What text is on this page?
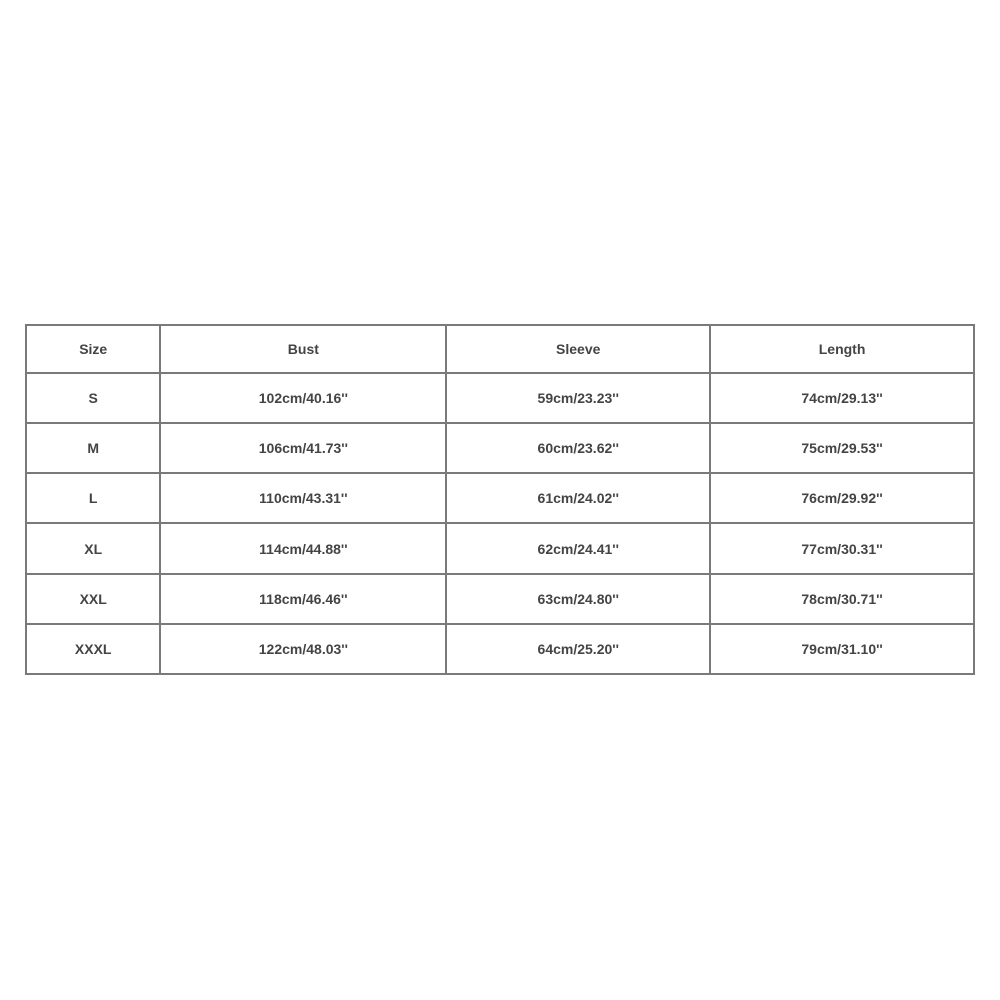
Size	Bust	Sleeve	Length
S	102cm/40.16''	59cm/23.23''	74cm/29.13''
M	106cm/41.73''	60cm/23.62''	75cm/29.53''
L	110cm/43.31''	61cm/24.02''	76cm/29.92''
XL	114cm/44.88''	62cm/24.41''	77cm/30.31''
XXL	118cm/46.46''	63cm/24.80''	78cm/30.71''
XXXL	122cm/48.03''	64cm/25.20''	79cm/31.10''
